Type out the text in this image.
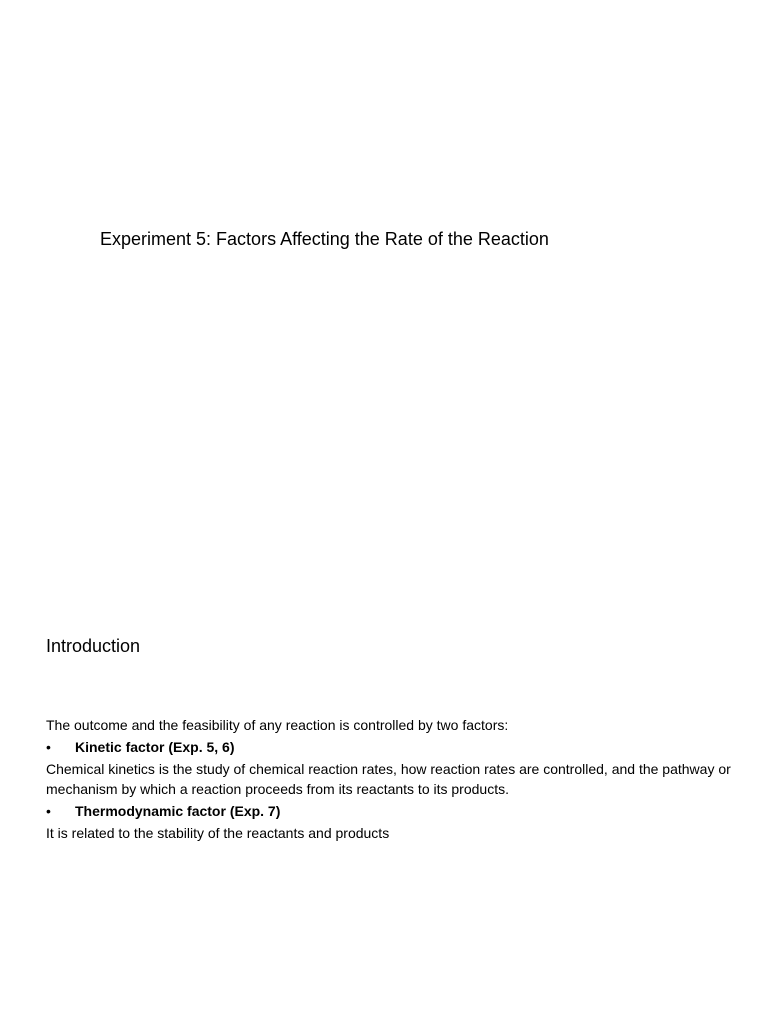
Experiment 5: Factors Affecting the Rate of the Reaction
Introduction

The outcome and the feasibility of any reaction is controlled by two factors:

• Kinetic factor (Exp. 5, 6)

Chemical kinetics is the study of chemical reaction rates, how reaction rates are controlled, and the pathway or mechanism by which a reaction proceeds from its reactants to its products.

• Thermodynamic factor (Exp. 7)

It is related to the stability of the reactants and products
